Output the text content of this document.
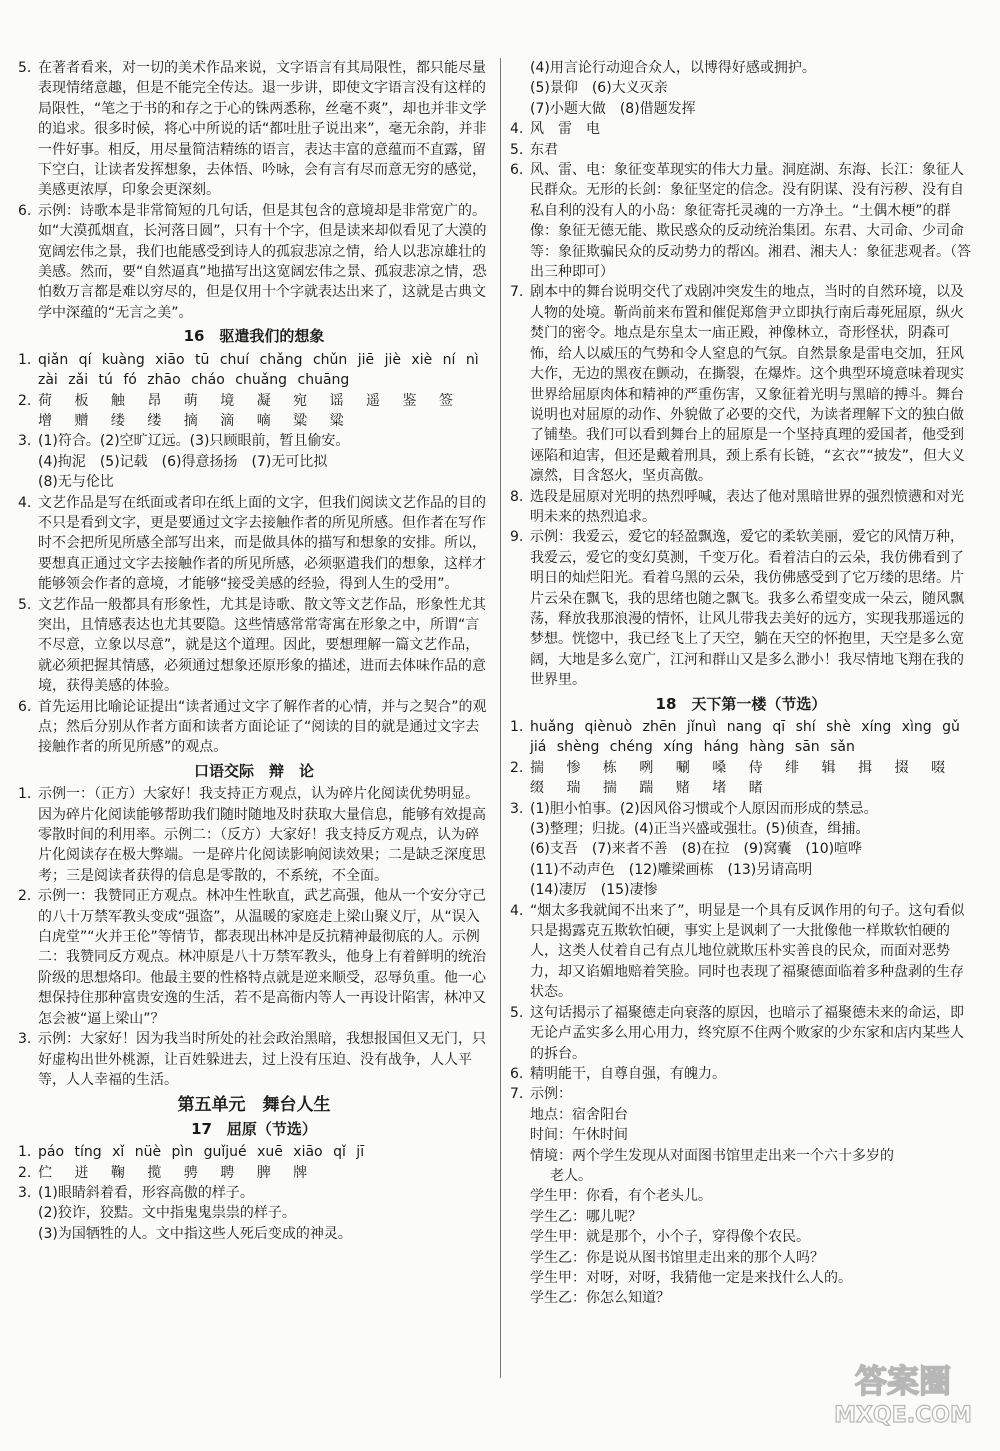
5. 在著者看来，对一切的美术作品来说，文字语言有其局限性，都只能尽量表现情绪意趣，但是不能完全传达。退一步讲，即使文字语言没有这样的局限性，“笔之于书的和存之于心的铢两悉称，丝毫不爽”，却也并非文学的追求。很多时候，将心中所说的话“都吐肚子说出来”，毫无余韵，并非一件好事。相反，用尽量简洁精练的语言，表达丰富的意蕴而不直露，留下空白，让读者发挥想象，去体悟、吟咏，会有言有尽而意无穷的感觉，美感更浓厚，印象会更深刻。
6. 示例：诗歌本是非常简短的几句话，但是其包含的意境却是非常宽广的。如“大漠孤烟直，长河落日圆”，只有十个字，但是读来却似看见了大漠的宽阔宏伟之景，我们也能感受到诗人的孤寂悲凉之情，给人以悲凉雄壮的美感。然而，要“自然逼真”地描写出这宽阔宏伟之景、孤寂悲凉之情，恐怕数万言都是难以穷尽的，但是仅用十个字就表达出来了，这就是古典文学中深蕴的“无言之美”。
16　驱遣我们的想象
1. qiǎn qí kuàng xiāo tū chuí chǎng chǔn jiē jiè xiè ní nì zài zǎi tú fó zhāo cháo chuǎng chuāng
2. 荷 板 触 昂 萌 境 凝 宛 谣 遥 鉴 签 增 赠 缕 缕 摘 滴 嘀 粱 粱
3. (1)符合。(2)空旷辽远。(3)只顾眼前，暂且偷安。
(4)拘泥　(5)记载　(6)得意扬扬　(7)无可比拟
(8)无与伦比
4. 文艺作品是写在纸面或者印在纸上面的文字，但我们阅读文艺作品的目的不只是看到文字，更是要通过文字去接触作者的所见所感。但作者在写作时不会把所见所感全部写出来，而是做具体的描写和想象的安排。所以，要想真正通过文字去接触作者的所见所感，必须驱遣我们的想象，这样才能够领会作者的意境，才能够“接受美感的经验，得到人生的受用”。
5. 文艺作品一般都具有形象性，尤其是诗歌、散文等文艺作品，形象性尤其突出，且情感表达也尤其要隐。这些情感常常寄寓在形象之中，所谓“言不尽意，立象以尽意”，就是这个道理。因此，要想理解一篇文艺作品，就必须把握其情感，必须通过想象还原形象的描述，进而去体味作品的意境，获得美感的体验。
6. 首先运用比喻论证提出“读者通过文字了解作者的心情，并与之契合”的观点；然后分别从作者方面和读者方面论证了“阅读的目的就是通过文字去接触作者的所见所感”的观点。
口语交际　辩　论
1. 示例一：（正方）大家好！我支持正方观点，认为碎片化阅读优势明显。因为碎片化阅读能够帮助我们随时随地及时获取大量信息，能够有效提高零散时间的利用率。示例二：（反方）大家好！我支持反方观点，认为碎片化阅读存在极大弊端。一是碎片化阅读影响阅读效果；二是缺乏深度思考；三是阅读者获得的信息是零散的，不系统，不全面。
2. 示例一：我赞同正方观点。林冲生性耿直，武艺高强，他从一个安分守己的八十万禁军教头变成“强盗”，从温暖的家庭走上梁山聚义厅，从“误入白虎堂”“火并王伦”等情节，都表现出林冲是反抗精神最彻底的人。示例二：我赞同反方观点。林冲原是八十万禁军教头，他身上有着鲜明的统治阶级的思想烙印。他最主要的性格特点就是逆来顺受，忍辱负重。他一心想保持住那种富贵安逸的生活，若不是高衙内等人一再设计陷害，林冲又怎会被“逼上梁山”？
3. 示例：大家好！因为我当时所处的社会政治黑暗，我想报国但又无门，只好虚构出世外桃源，让百姓躲进去，过上没有压迫、没有战争，人人平等，人人幸福的生活。
第五单元　舞台人生
17　屈原（节选）
1. páo tíng xǐ nüè pìn guǐjué xuē xiāo qǐ jī
2. 伫 迸 鞠 揽 骋 聘 脾 牌
3. (1)眼睛斜着看，形容高傲的样子。
(2)狡诈，狡黠。文中指鬼鬼祟祟的样子。
(3)为国牺牲的人。文中指这些人死后变成的神灵。
(4)用言论行动迎合众人，以博得好感或拥护。
(5)景仰　(6)大义灭亲
(7)小题大做　(8)借题发挥
4. 风　雷　电
5. 东君
6. 风、雷、电：象征变革现实的伟大力量。洞庭湖、东海、长江：象征人民群众。无形的长剑：象征坚定的信念。没有阴谋、没有污秽、没有自私自利的没有人的小岛：象征寄托灵魂的一方净土。“土偶木梗”的群像：象征无德无能、欺民惑众的反动统治集团。东君、大司命、少司命等：象征欺骗民众的反动势力的帮凶。湘君、湘夫人：象征悲观者。（答出三种即可）
7. 剧本中的舞台说明交代了戏剧冲突发生的地点，当时的自然环境，以及人物的处境。靳尚前来布置和催促郑詹尹立即执行南后毒死屈原，纵火焚门的密令。地点是东皇太一庙正殿，神像林立，奇形怪状，阴森可怖，给人以威压的气势和令人窒息的气氛。自然景象是雷电交加，狂风大作，无边的黑夜在颤动，在撕裂，在爆炸。这个典型环境意味着现实世界给屈原肉体和精神的严重伤害，又象征着光明与黑暗的搏斗。舞台说明也对屈原的动作、外貌做了必要的交代，为读者理解下文的独白做了铺垫。我们可以看到舞台上的屈原是一个坚持真理的爱国者，他受到诬陷和迫害，但还是戴着刑具，颈上系有长链，“玄衣”“披发”，但大义凛然，目含怒火，坚贞高傲。
8. 选段是屈原对光明的热烈呼喊，表达了他对黑暗世界的强烈愤懑和对光明未来的热烈追求。
9. 示例：我爱云，爱它的轻盈飘逸，爱它的柔软美丽，爱它的风情万种，我爱云，爱它的变幻莫测，千变万化。看着洁白的云朵，我仿佛看到了明日的灿烂阳光。看着乌黑的云朵，我仿佛感受到了它万缕的思绪。片片云朵在飘飞，我的思绪也随之飘飞。我多么希望变成一朵云，随风飘荡，释放我那浪漫的情怀，让风儿带我去美好的远方，实现我那遥远的梦想。恍惚中，我已经飞上了天空，躺在天空的怀抱里，天空是多么宽阔，大地是多么宽广，江河和群山又是多么渺小！我尽情地飞翔在我的世界里。
18　天下第一楼（节选）
1. huǎng qiènuò zhēn jǐnuì nang qī shí shè xíng xìng gǔ jiá shèng chéng xíng háng hàng sān sǎn
2. 揣 惨 栋 咧 唰 嗓 侍 绯 辑 揖 掇 啜 缀 瑞 揣 踹 赌 堵 睹
3. (1)胆小怕事。(2)因风俗习惯或个人原因而形成的禁忌。
(3)整理；归拢。(4)正当兴盛或强壮。(5)侦查，缉捕。
(6)支吾　(7)来者不善　(8)在拉　(9)窝囊　(10)喧哗
(11)不动声色　(12)雕梁画栋　(13)另请高明
(14)凄厉　(15)凄惨
4. “烟太多我就闻不出来了”，明显是一个具有反讽作用的句子。这句看似只是揭露克五欺软怕硬，事实上是讽刺了一大批像他一样欺软怕硬的人，这类人仗着自己有点儿地位就欺压朴实善良的民众，而面对恶势力，却又谄媚地赔着笑脸。同时也表现了福聚德面临着多种盘剥的生存状态。
5. 这句话揭示了福聚德走向衰落的原因，也暗示了福聚德未来的命运，即无论卢孟实多么用心用力，终究原不住两个败家的少东家和店内某些人的拆台。
6. 精明能干，自尊自强，有魄力。
7. 示例：
地点：宿舍阳台
时间：午休时间
情境：两个学生发现从对面图书馆里走出来一个六十多岁的
老人。
学生甲：你看，有个老头儿。
学生乙：哪儿呢？
学生甲：就是那个，小个子，穿得像个农民。
学生乙：你是说从图书馆里走出来的那个人吗？
学生甲：对呀，对呀，我猜他一定是来找什么人的。
学生乙：你怎么知道？
答案圈
MXQE.COM
